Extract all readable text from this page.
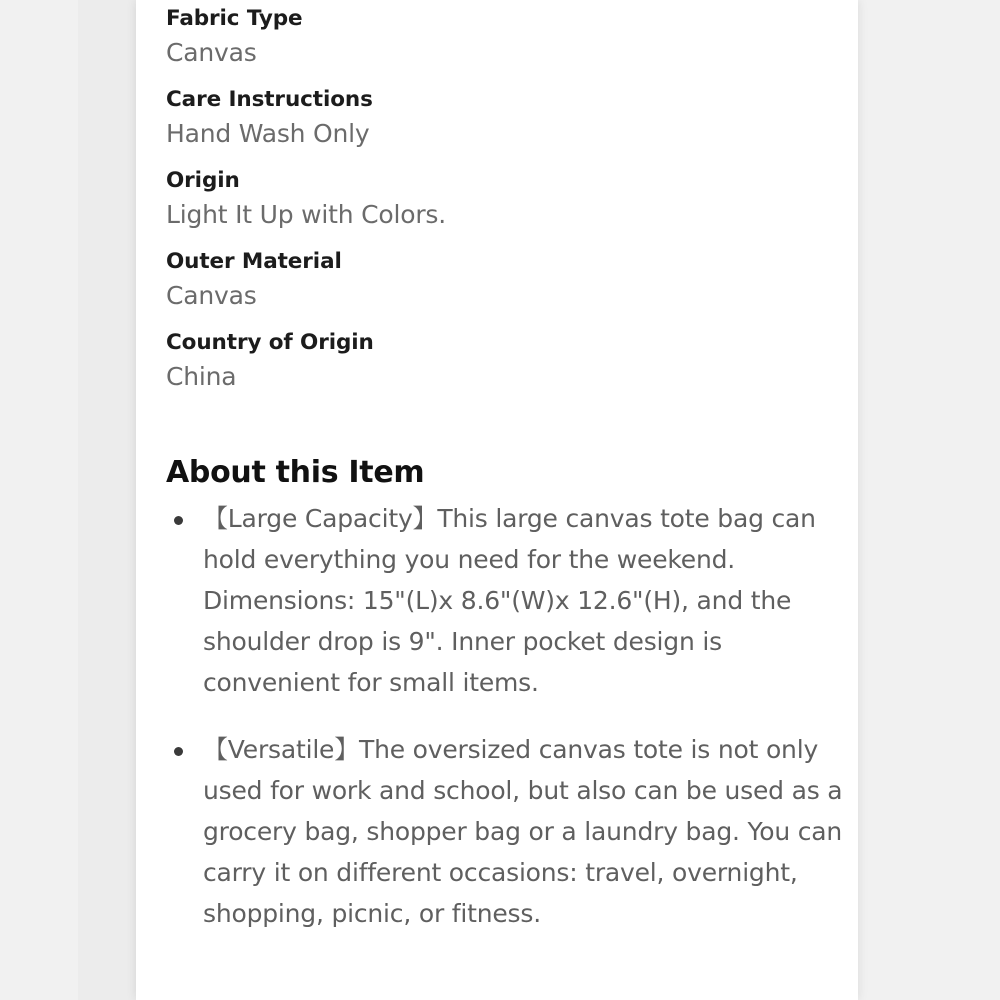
Fabric Type
Canvas
Care Instructions
Hand Wash Only
Origin
Light It Up with Colors.
Outer Material
Canvas
Country of Origin
China
About this Item
【Large Capacity】This large canvas tote bag can hold everything you need for the weekend. Dimensions: 15"(L)x 8.6"(W)x 12.6"(H), and the shoulder drop is 9". Inner pocket design is convenient for small items.
【Versatile】The oversized canvas tote is not only used for work and school, but also can be used as a grocery bag, shopper bag or a laundry bag. You can carry it on different occasions: travel, overnight, shopping, picnic, or fitness.
